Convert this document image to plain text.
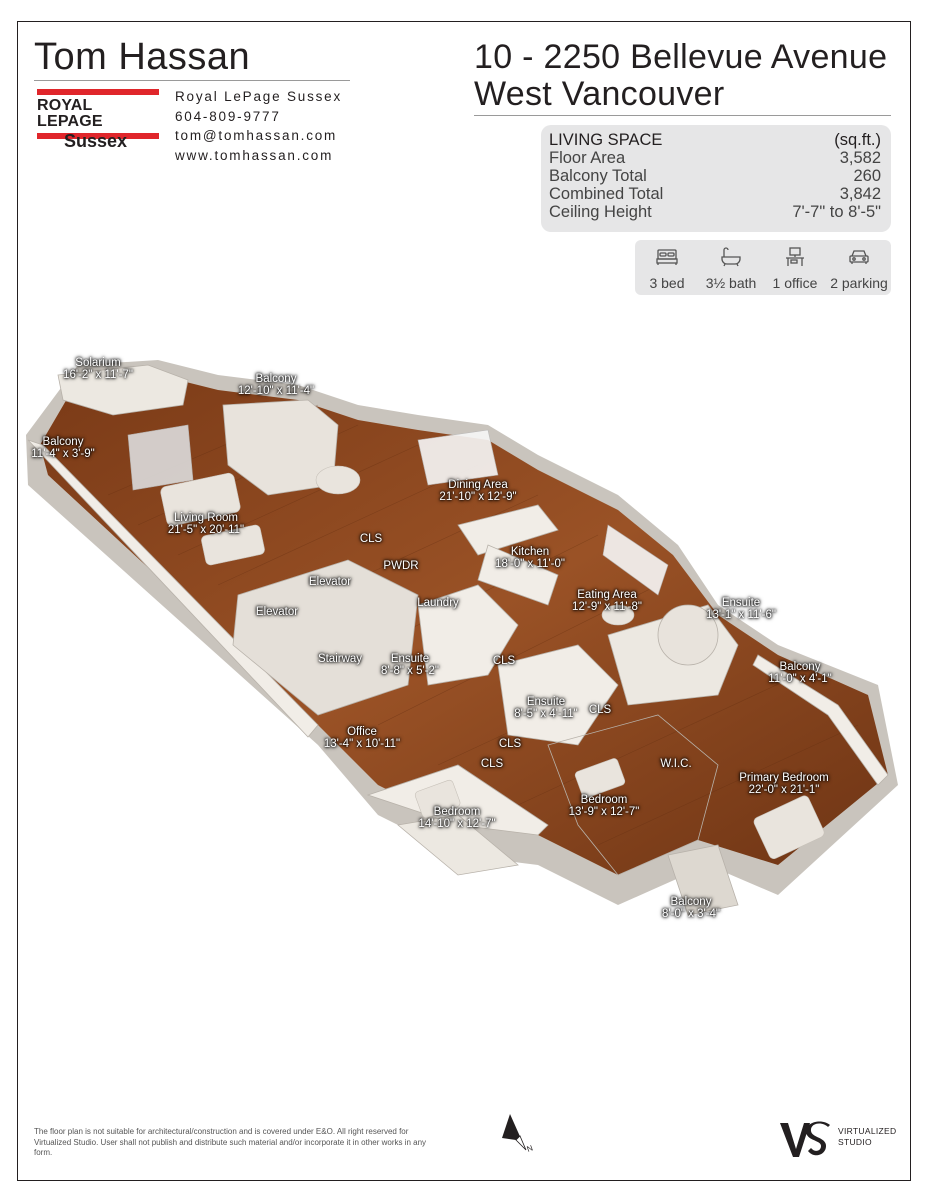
Tom Hassan
ROYAL LEPAGE
Sussex
Royal LePage Sussex
604-809-9777
tom@tomhassan.com
www.tomhassan.com
10 - 2250 Bellevue Avenue
West Vancouver
LIVING SPACE	(sq.ft.)
Floor Area	3,582
Balcony Total	260
Combined Total	3,842
Ceiling Height	7'-7" to 8'-5"
3 bed	3½ bath	1 office 2 parking
Solarium
16'-2" x 11'-7"	Balcony
12'-10" x 11'-4"
Balcony
11'-4" x 3'-9"
Dining Area
21'-10" x 12'-9"
Living Room
21'-5" x 20'-11"
Kitchen
18'-0" x 11'-0"
CLS
PWDR
Elevator
Elevator
Laundry
Eating Area
12'-9" x 11'-8"	Ensuite
13'-1" x 11'-6"
Stairway	Ensuite
8'-8" x 5'-2"
CLS	Balcony
11'-0" x 4'-1"
Ensuite
8'-5" x 4'-11" CLS
Office
13'-4" x 10'-11"	CLS
CLS	W.I.C.
Primary Bedroom
22'-0" x 21'-1"
Bedroom
13'-9" x 12'-7"
Bedroom
14'-10" x 12'-7"
Balcony
8'-0" x 3'-4"
The floor plan is not suitable for architectural/construction and is covered under E&O. All right reserved for Virtualized Studio. User shall not publish and distribute such material and/or incorporate it in other works in any form.	N
VIRTUALIZED
STUDIO
